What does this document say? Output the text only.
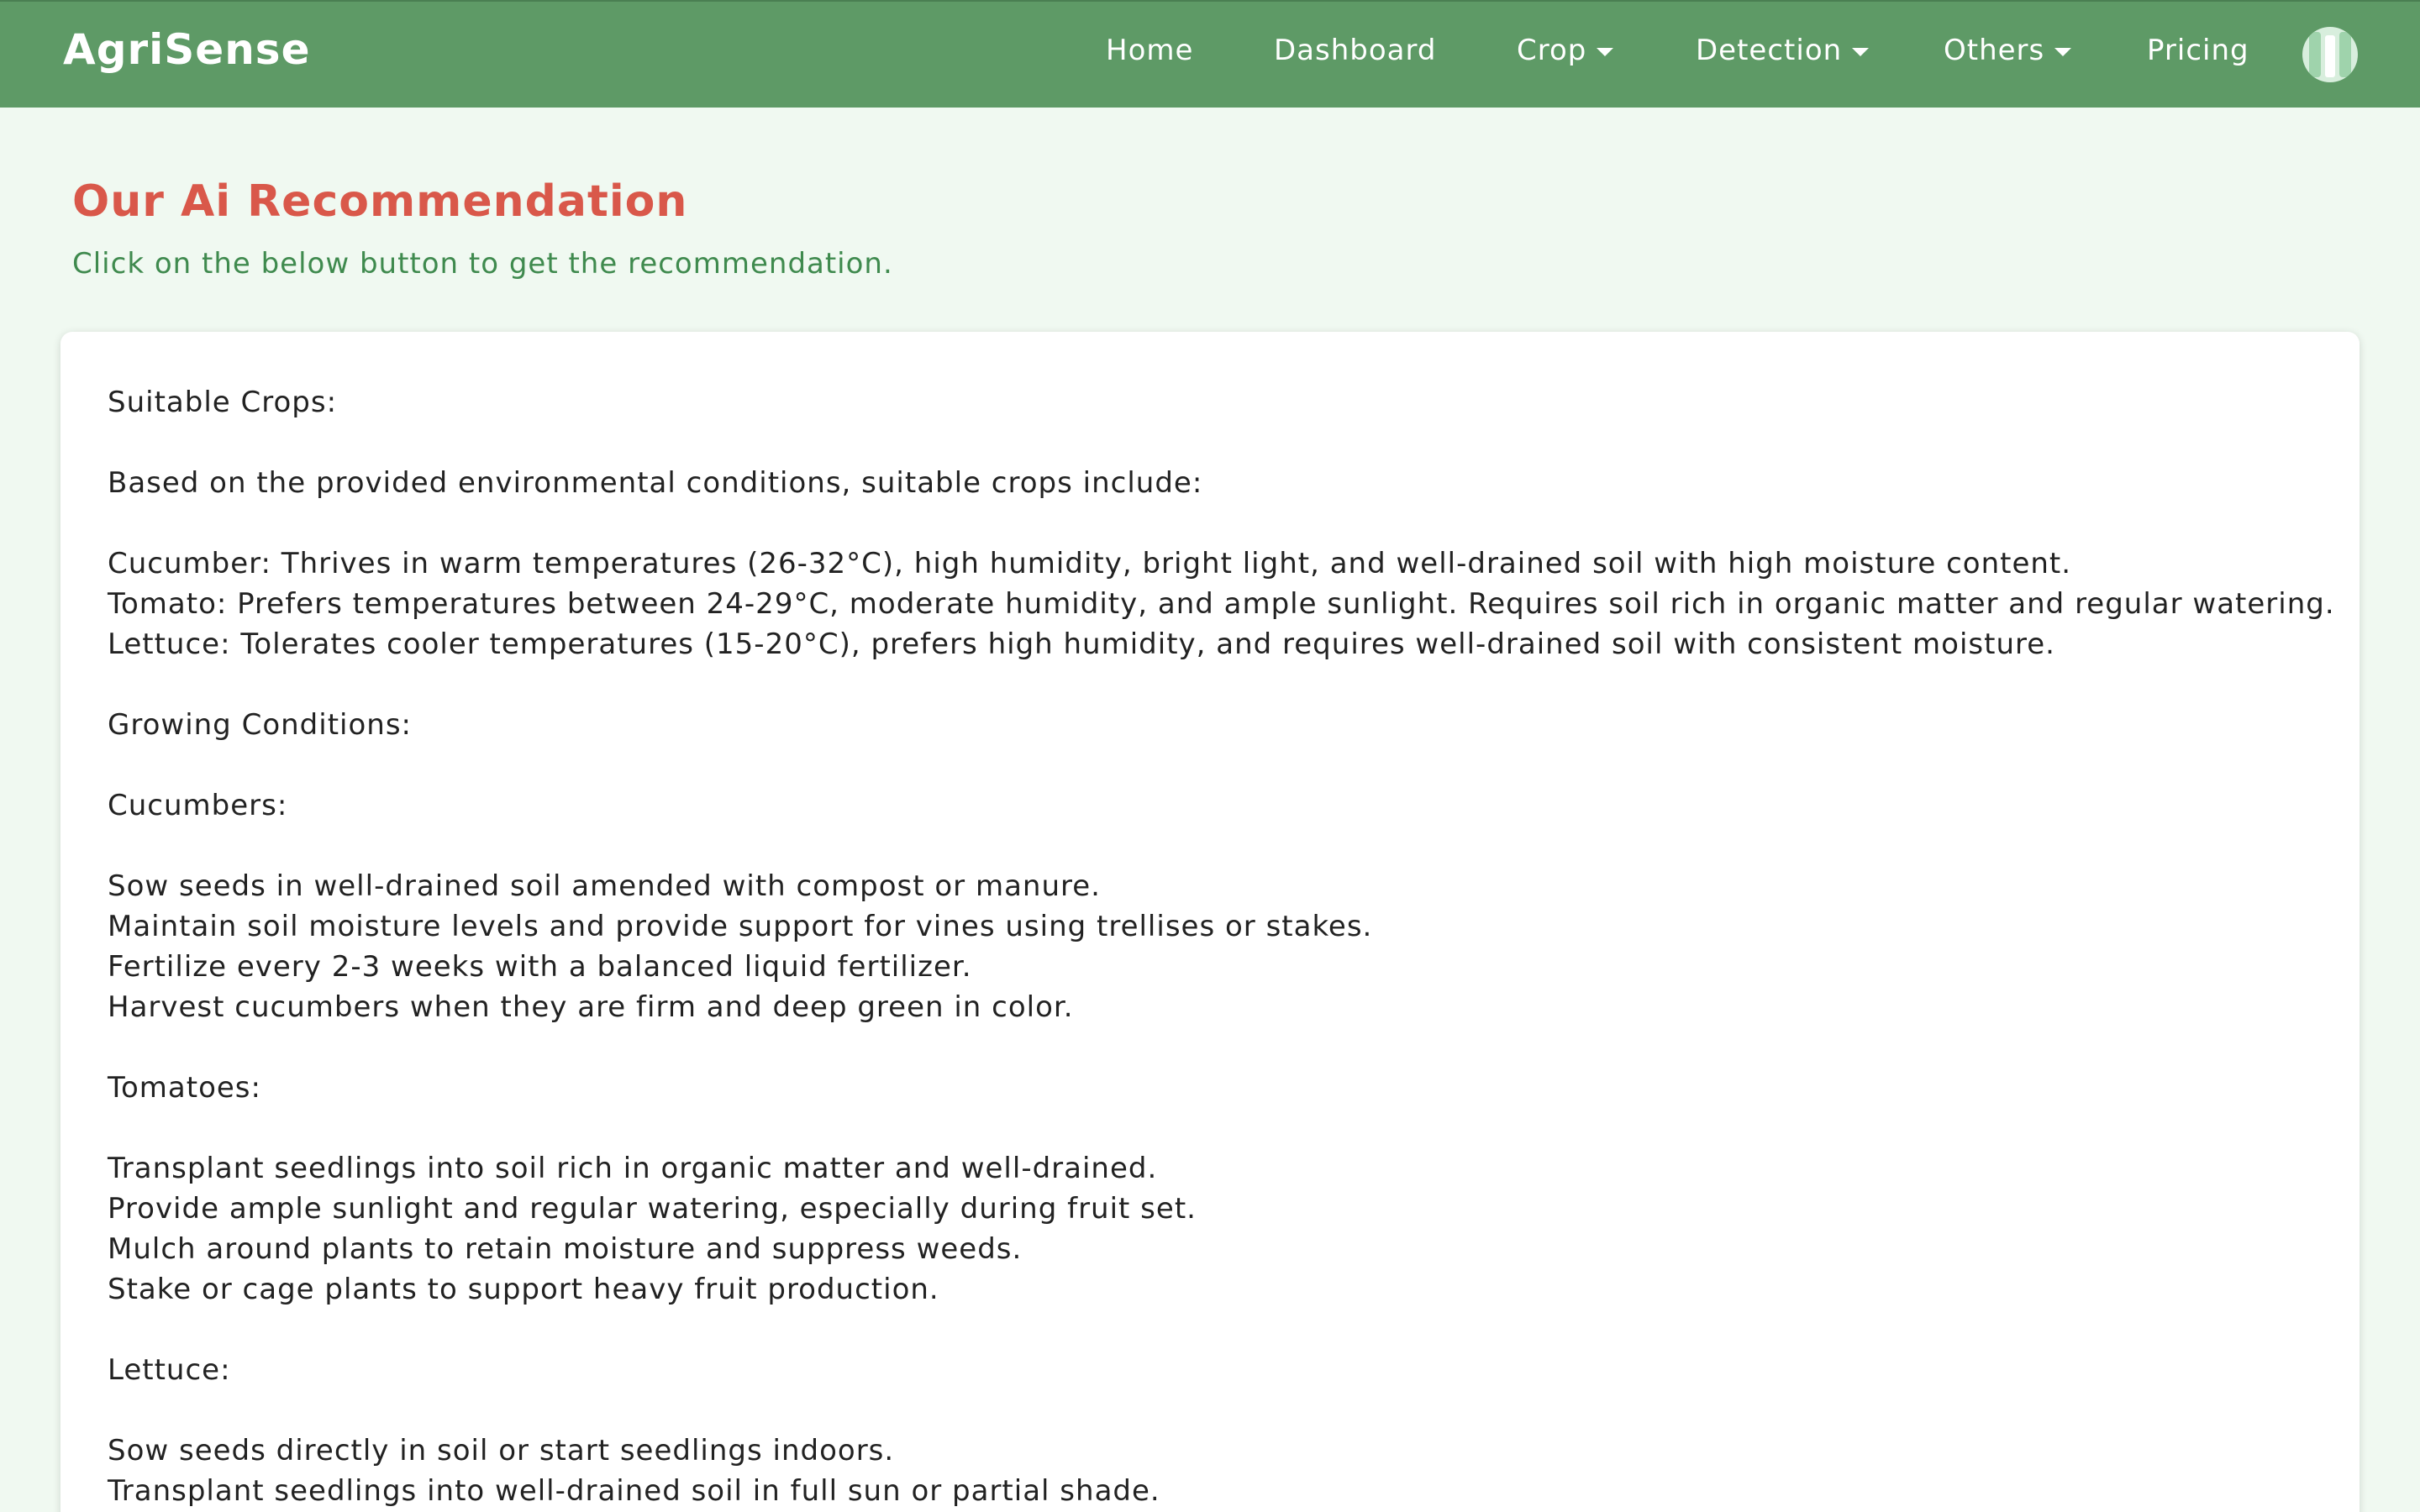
AgriSense	Home	Dashboard	Crop	Detection	Others	Pricing
Our Ai Recommendation
Click on the below button to get the recommendation.
Suitable Crops:
Based on the provided environmental conditions, suitable crops include:
Cucumber: Thrives in warm temperatures (26-32°C), high humidity, bright light, and well-drained soil with high moisture content.
Tomato: Prefers temperatures between 24-29°C, moderate humidity, and ample sunlight. Requires soil rich in organic matter and regular watering.
Lettuce: Tolerates cooler temperatures (15-20°C), prefers high humidity, and requires well-drained soil with consistent moisture.
Growing Conditions:
Cucumbers:
Sow seeds in well-drained soil amended with compost or manure.
Maintain soil moisture levels and provide support for vines using trellises or stakes.
Fertilize every 2-3 weeks with a balanced liquid fertilizer.
Harvest cucumbers when they are firm and deep green in color.
Tomatoes:
Transplant seedlings into soil rich in organic matter and well-drained.
Provide ample sunlight and regular watering, especially during fruit set.
Mulch around plants to retain moisture and suppress weeds.
Stake or cage plants to support heavy fruit production.
Lettuce:
Sow seeds directly in soil or start seedlings indoors.
Transplant seedlings into well-drained soil in full sun or partial shade.
